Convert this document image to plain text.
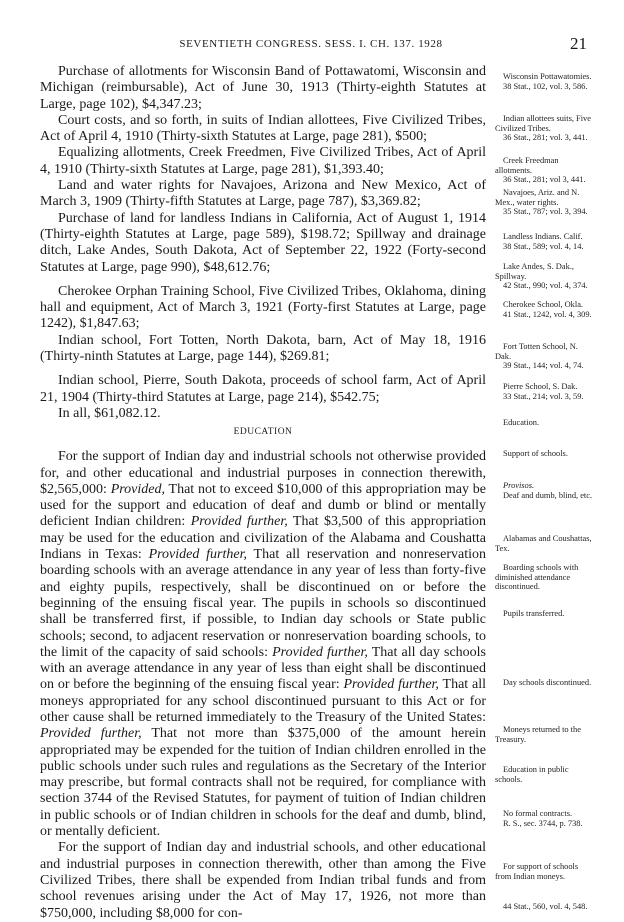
SEVENTIETH CONGRESS. SESS. I. CH. 137. 1928	21

Purchase of allotments for Wisconsin Band of Pottawatomi, Wisconsin and Michigan (reimbursable), Act of June 30, 1913 (Thirty-eighth Statutes at Large, page 102), $4,347.23;

Court costs, and so forth, in suits of Indian allottees, Five Civilized Tribes, Act of April 4, 1910 (Thirty-sixth Statutes at Large, page 281), $500;

Equalizing allotments, Creek Freedmen, Five Civilized Tribes, Act of April 4, 1910 (Thirty-sixth Statutes at Large, page 281), $1,393.40;

Land and water rights for Navajoes, Arizona and New Mexico, Act of March 3, 1909 (Thirty-fifth Statutes at Large, page 787), $3,369.82;

Purchase of land for landless Indians in California, Act of August 1, 1914 (Thirty-eighth Statutes at Large, page 589), $198.72; Spillway and drainage ditch, Lake Andes, South Dakota, Act of September 22, 1922 (Forty-second Statutes at Large, page 990), $48,612.76;

Cherokee Orphan Training School, Five Civilized Tribes, Oklahoma, dining hall and equipment, Act of March 3, 1921 (Forty-first Statutes at Large, page 1242), $1,847.63;

Indian school, Fort Totten, North Dakota, barn, Act of May 18, 1916 (Thirty-ninth Statutes at Large, page 144), $269.81;

Indian school, Pierre, South Dakota, proceeds of school farm, Act of April 21, 1904 (Thirty-third Statutes at Large, page 214), $542.75;

In all, $61,082.12.

EDUCATION

For the support of Indian day and industrial schools not otherwise provided for, and other educational and industrial purposes in connection therewith, $2,565,000: Provided, That not to exceed $10,000 of this appropriation may be used for the support and education of deaf and dumb or blind or mentally deficient Indian children: Provided further, That $3,500 of this appropriation may be used for the education and civilization of the Alabama and Coushatta Indians in Texas: Provided further, That all reservation and nonreservation boarding schools with an average attendance in any year of less than forty-five and eighty pupils, respectively, shall be discontinued on or before the beginning of the ensuing fiscal year. The pupils in schools so discontinued shall be transferred first, if possible, to Indian day schools or State public schools; second, to adjacent reservation or nonreservation boarding schools, to the limit of the capacity of said schools: Provided further, That all day schools with an average attendance in any year of less than eight shall be discontinued on or before the beginning of the ensuing fiscal year: Provided further, That all moneys appropriated for any school discontinued pursuant to this Act or for other cause shall be returned immediately to the Treasury of the United States: Provided further, That not more than $375,000 of the amount herein appropriated may be expended for the tuition of Indian children enrolled in the public schools under such rules and regulations as the Secretary of the Interior may prescribe, but formal contracts shall not be required, for compliance with section 3744 of the Revised Statutes, for payment of tuition of Indian children in public schools or of Indian children in schools for the deaf and dumb, blind, or mentally deficient.

For the support of Indian day and industrial schools, and other educational and industrial purposes in connection therewith, other than among the Five Civilized Tribes, there shall be expended from Indian tribal funds and from school revenues arising under the Act of May 17, 1926, not more than $750,000, including $8,000 for con-

Wisconsin Pottawatomies.
38 Stat., 102, vol. 3, 586.
Indian allottees suits, Five Civilized Tribes.
36 Stat., 281; vol. 3, 441.
Creek Freedman allotments.
36 Stat., 281; vol 3, 441.
Navajoes, Ariz. and N. Mex., water rights.
35 Stat., 787; vol. 3, 394.
Landless Indians. Calif.
38 Stat., 589; vol. 4, 14.
Lake Andes, S. Dak., Spillway.
42 Stat., 990; vol. 4, 374.
Cherokee School, Okla.
41 Stat., 1242, vol. 4, 309.
Fort Totten School, N. Dak.
39 Stat., 144; vol. 4, 74.
Pierre School, S. Dak.
33 Stat., 214; vol. 3, 59.
Education.
Support of schools.
Provisos.
Deaf and dumb, blind, etc.
Alabamas and Coushattas, Tex.
Boarding schools with diminished attendance discontinued.
Pupils transferred.
Day schools discontinued.
Moneys returned to the Treasury.
Education in public schools.
No formal contracts.
R. S., sec. 3744, p. 738.
For support of schools from Indian moneys.
44 Stat., 560, vol. 4, 548.
